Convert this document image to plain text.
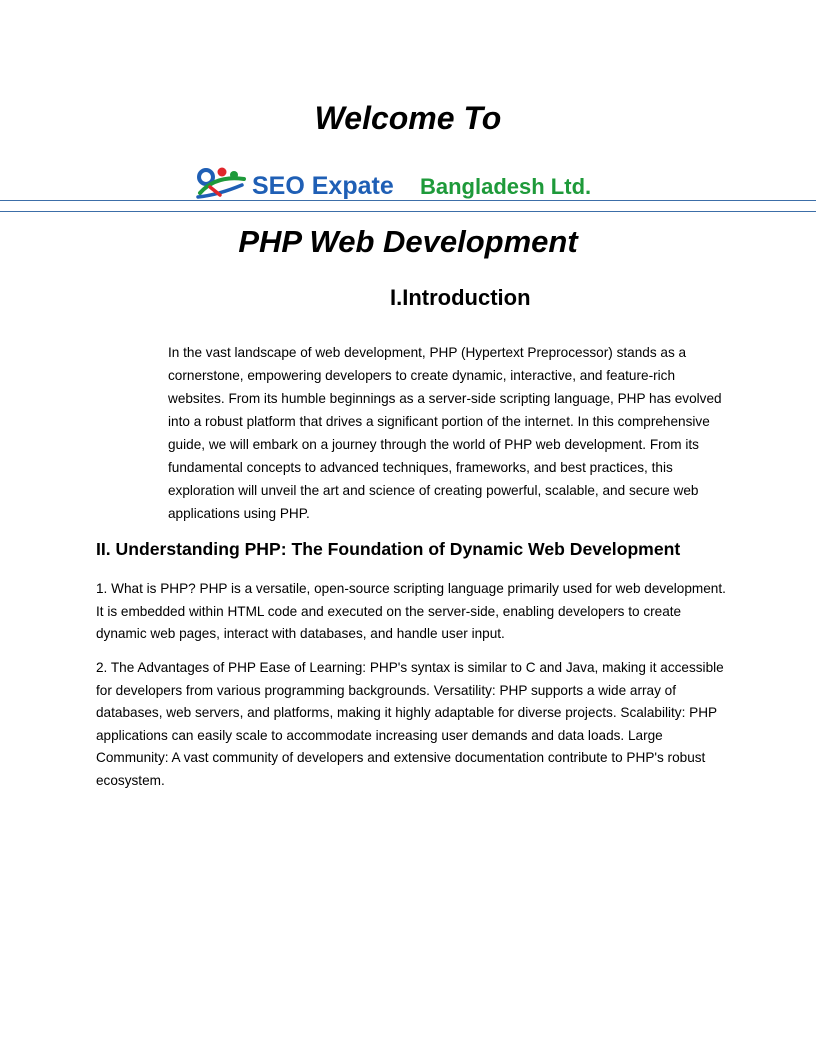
Welcome To
SEO Expate Bangladesh Ltd.
PHP Web Development
I.Introduction

In the vast landscape of web development, PHP (Hypertext Preprocessor) stands as a cornerstone, empowering developers to create dynamic, interactive, and feature-rich websites. From its humble beginnings as a server-side scripting language, PHP has evolved into a robust platform that drives a significant portion of the internet. In this comprehensive guide, we will embark on a journey through the world of PHP web development. From its fundamental concepts to advanced techniques, frameworks, and best practices, this exploration will unveil the art and science of creating powerful, scalable, and secure web applications using PHP.

II. Understanding PHP: The Foundation of Dynamic Web Development

1. What is PHP? PHP is a versatile, open-source scripting language primarily used for web development. It is embedded within HTML code and executed on the server-side, enabling developers to create dynamic web pages, interact with databases, and handle user input.

2. The Advantages of PHP Ease of Learning: PHP's syntax is similar to C and Java, making it accessible for developers from various programming backgrounds. Versatility: PHP supports a wide array of databases, web servers, and platforms, making it highly adaptable for diverse projects. Scalability: PHP applications can easily scale to accommodate increasing user demands and data loads. Large Community: A vast community of developers and extensive documentation contribute to PHP's robust ecosystem.
